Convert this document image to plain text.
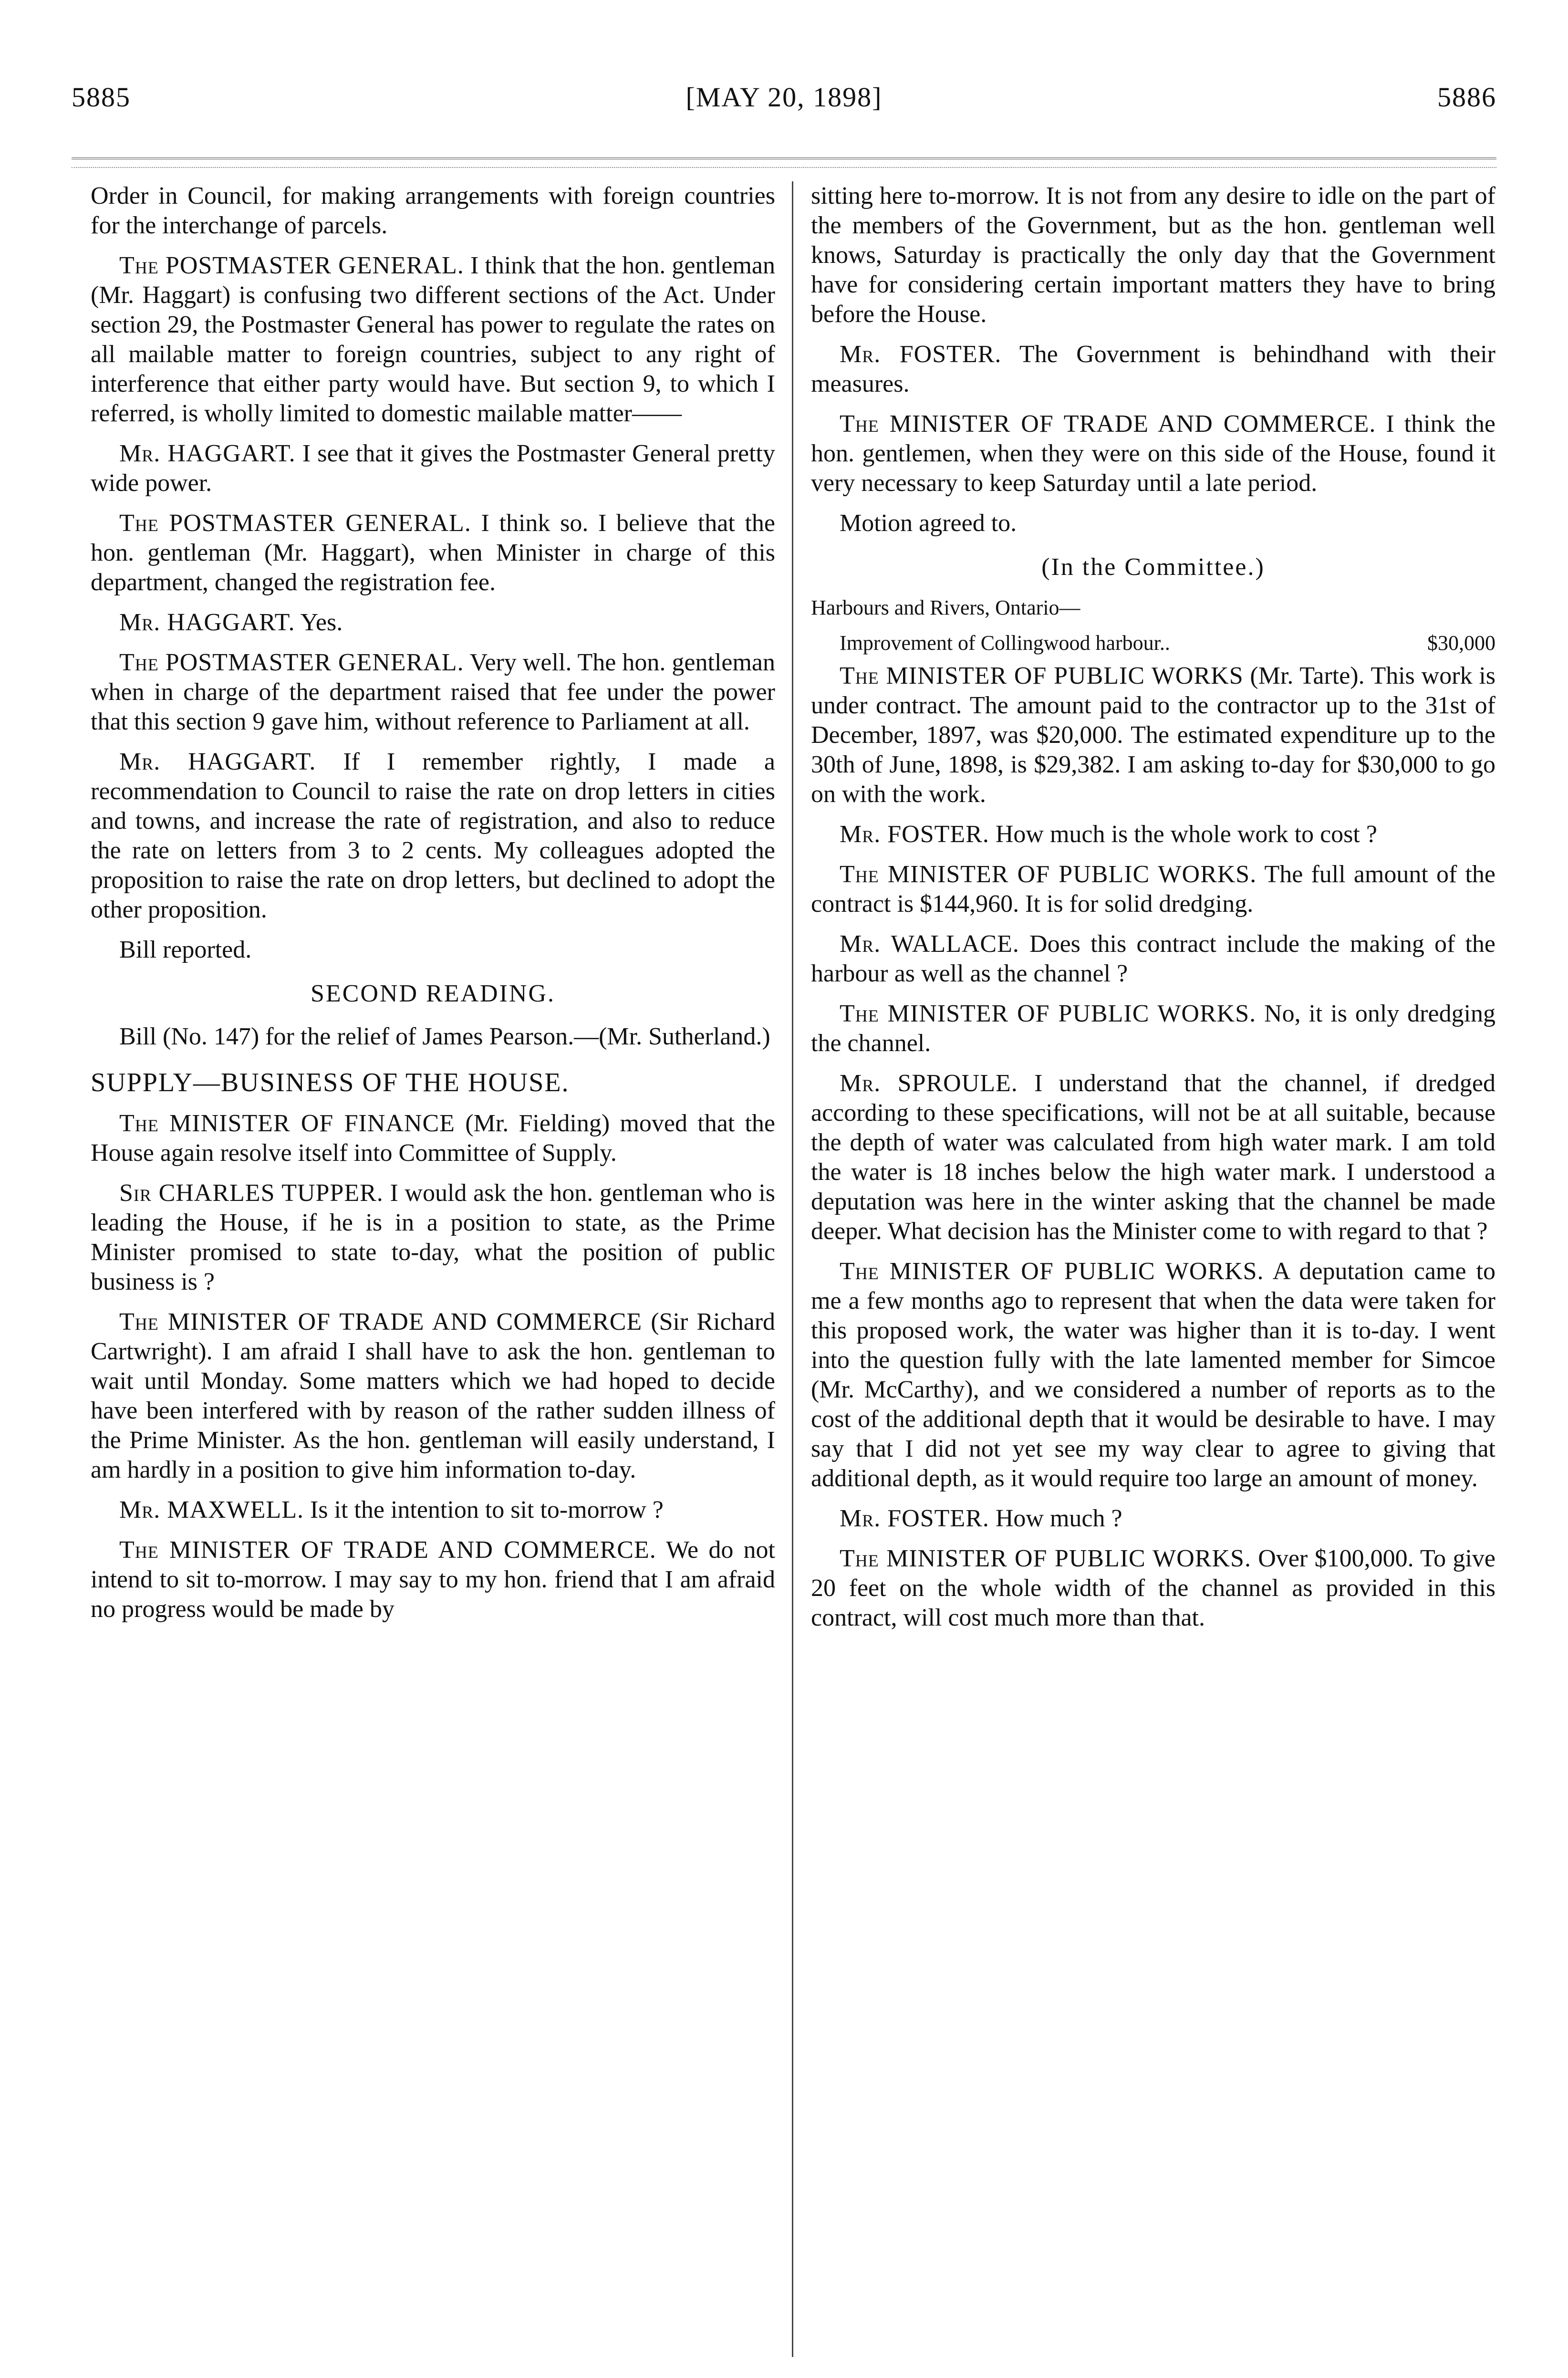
5885	[MAY 20, 1898]	5886

Order in Council, for making arrangements with foreign countries for the interchange of parcels.

The POSTMASTER GENERAL. I think that the hon. gentleman (Mr. Haggart) is confusing two different sections of the Act. Under section 29, the Postmaster General has power to regulate the rates on all mailable matter to foreign countries, subject to any right of interference that either party would have. But section 9, to which I referred, is wholly limited to domestic mailable matter——

Mr. HAGGART. I see that it gives the Postmaster General pretty wide power.

The POSTMASTER GENERAL. I think so. I believe that the hon. gentleman (Mr. Haggart), when Minister in charge of this department, changed the registration fee.

Mr. HAGGART. Yes.

The POSTMASTER GENERAL. Very well. The hon. gentleman when in charge of the department raised that fee under the power that this section 9 gave him, without reference to Parliament at all.

Mr. HAGGART. If I remember rightly, I made a recommendation to Council to raise the rate on drop letters in cities and towns, and increase the rate of registration, and also to reduce the rate on letters from 3 to 2 cents. My colleagues adopted the proposition to raise the rate on drop letters, but declined to adopt the other proposition.

Bill reported.

SECOND READING.

Bill (No. 147) for the relief of James Pearson.—(Mr. Sutherland.)

SUPPLY—BUSINESS OF THE HOUSE.

The MINISTER OF FINANCE (Mr. Fielding) moved that the House again resolve itself into Committee of Supply.

Sir CHARLES TUPPER. I would ask the hon. gentleman who is leading the House, if he is in a position to state, as the Prime Minister promised to state to-day, what the position of public business is ?

The MINISTER OF TRADE AND COMMERCE (Sir Richard Cartwright). I am afraid I shall have to ask the hon. gentleman to wait until Monday. Some matters which we had hoped to decide have been interfered with by reason of the rather sudden illness of the Prime Minister. As the hon. gentleman will easily understand, I am hardly in a position to give him information to-day.

Mr. MAXWELL. Is it the intention to sit to-morrow ?

The MINISTER OF TRADE AND COMMERCE. We do not intend to sit to-morrow. I may say to my hon. friend that I am afraid no progress would be made by

sitting here to-morrow. It is not from any desire to idle on the part of the members of the Government, but as the hon. gentleman well knows, Saturday is practically the only day that the Government have for considering certain important matters they have to bring before the House.

Mr. FOSTER. The Government is behindhand with their measures.

The MINISTER OF TRADE AND COMMERCE. I think the hon. gentlemen, when they were on this side of the House, found it very necessary to keep Saturday until a late period.

Motion agreed to.

(In the Committee.)

Harbours and Rivers, Ontario—

Improvement of Collingwood harbour..	$30,000

The MINISTER OF PUBLIC WORKS (Mr. Tarte). This work is under contract. The amount paid to the contractor up to the 31st of December, 1897, was $20,000. The estimated expenditure up to the 30th of June, 1898, is $29,382. I am asking to-day for $30,000 to go on with the work.

Mr. FOSTER. How much is the whole work to cost ?

The MINISTER OF PUBLIC WORKS. The full amount of the contract is $144,960. It is for solid dredging.

Mr. WALLACE. Does this contract include the making of the harbour as well as the channel ?

The MINISTER OF PUBLIC WORKS. No, it is only dredging the channel.

Mr. SPROULE. I understand that the channel, if dredged according to these specifications, will not be at all suitable, because the depth of water was calculated from high water mark. I am told the water is 18 inches below the high water mark. I understood a deputation was here in the winter asking that the channel be made deeper. What decision has the Minister come to with regard to that ?

The MINISTER OF PUBLIC WORKS. A deputation came to me a few months ago to represent that when the data were taken for this proposed work, the water was higher than it is to-day. I went into the question fully with the late lamented member for Simcoe (Mr. McCarthy), and we considered a number of reports as to the cost of the additional depth that it would be desirable to have. I may say that I did not yet see my way clear to agree to giving that additional depth, as it would require too large an amount of money.

Mr. FOSTER. How much ?

The MINISTER OF PUBLIC WORKS. Over $100,000. To give 20 feet on the whole width of the channel as provided in this contract, will cost much more than that.
